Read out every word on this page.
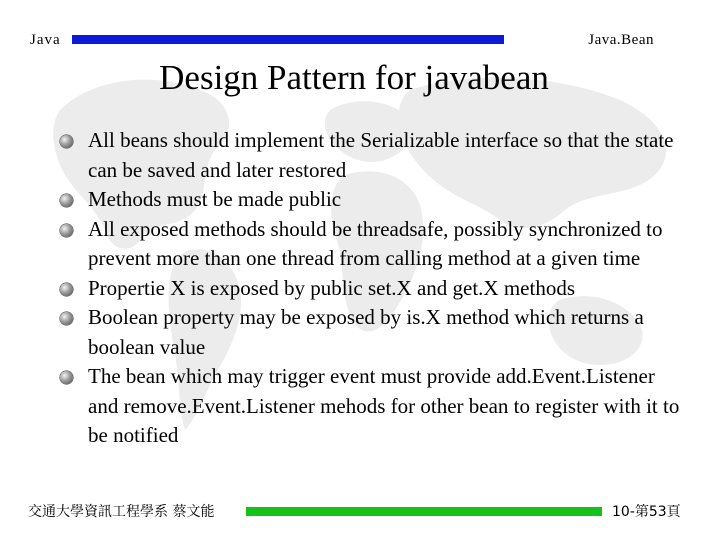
Java	Java.Bean
Design Pattern for javabean
All beans should implement the Serializable interface so that the state can be saved and later restored
Methods must be made public
All exposed methods should be threadsafe, possibly synchronized to prevent more than one thread from calling method at a given time
Propertie X is exposed by public set.X and get.X methods
Boolean property may be exposed by is.X method which returns a boolean value
The bean which may trigger event must provide add.Event.Listener and remove.Event.Listener mehods for other bean to register with it to be notified
交通大學資訊工程學系 蔡文能	10-第53頁
